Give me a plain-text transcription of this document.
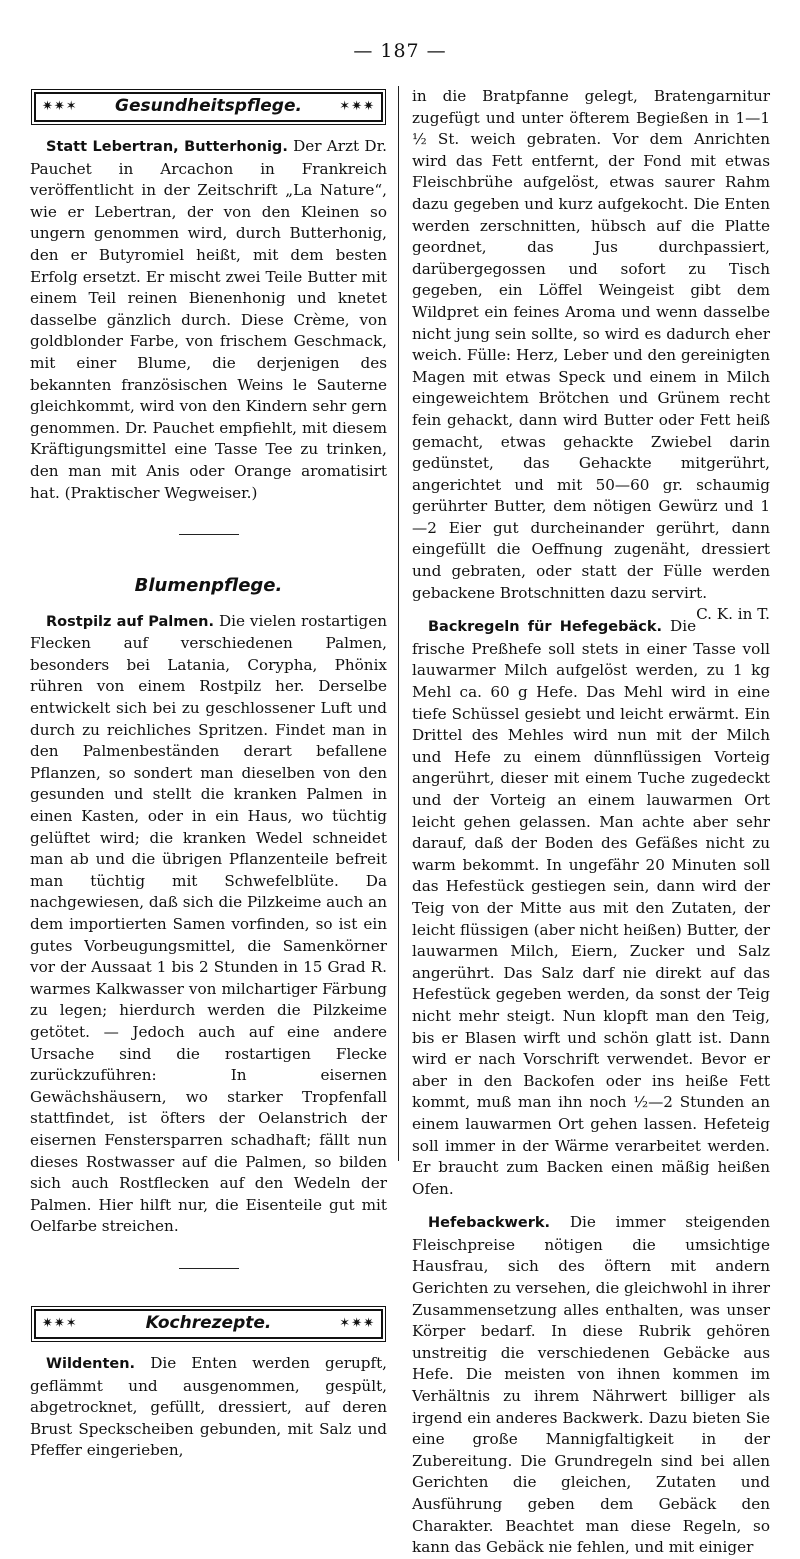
— 187 —
✷✷✶ Gesundheitspflege.	✶✷✷

Statt Lebertran, Butterhonig. Der Arzt Dr. Pauchet in Arcachon in Frankreich veröffentlicht in der Zeitschrift „La Nature“, wie er Lebertran, der von den Kleinen so ungern genommen wird, durch Butterhonig, den er Butyromiel heißt, mit dem besten Erfolg ersetzt. Er mischt zwei Teile Butter mit einem Teil reinen Bienenhonig und knetet dasselbe gänzlich durch. Diese Crème, von goldblonder Farbe, von frischem Geschmack, mit einer Blume, die derjenigen des bekannten französischen Weins le Sauterne gleichkommt, wird von den Kindern sehr gern genommen. Dr. Pauchet empfiehlt, mit diesem Kräftigungsmittel eine Tasse Tee zu trinken, den man mit Anis oder Orange aromatisirt hat. (Praktischer Wegweiser.)

Blumenpflege.

Rostpilz auf Palmen. Die vielen rostartigen Flecken auf verschiedenen Palmen, besonders bei Latania, Corypha, Phönix rühren von einem Rostpilz her. Derselbe entwickelt sich bei zu geschlossener Luft und durch zu reichliches Spritzen. Findet man in den Palmenbeständen derart befallene Pflanzen, so sondert man dieselben von den gesunden und stellt die kranken Palmen in einen Kasten, oder in ein Haus, wo tüchtig gelüftet wird; die kranken Wedel schneidet man ab und die übrigen Pflanzenteile befreit man tüchtig mit Schwefelblüte. Da nachgewiesen, daß sich die Pilzkeime auch an dem importierten Samen vorfinden, so ist ein gutes Vorbeugungsmittel, die Samenkörner vor der Aussaat 1 bis 2 Stunden in 15 Grad R. warmes Kalkwasser von milchartiger Färbung zu legen; hierdurch werden die Pilzkeime getötet. — Jedoch auch auf eine andere Ursache sind die rostartigen Flecke zurückzuführen: In eisernen Gewächshäusern, wo starker Tropfenfall stattfindet, ist öfters der Oelanstrich der eisernen Fenstersparren schadhaft; fällt nun dieses Rostwasser auf die Palmen, so bilden sich auch Rostflecken auf den Wedeln der Palmen. Hier hilft nur, die Eisenteile gut mit Oelfarbe streichen.

✷✷✶	Kochrezepte.	✶✷✷

Wildenten. Die Enten werden gerupft, geflämmt und ausgenommen, gespült, abgetrocknet, gefüllt, dressiert, auf deren Brust Speckscheiben gebunden, mit Salz und Pfeffer eingerieben,

in die Bratpfanne gelegt, Bratengarnitur zugefügt und unter öfterem Begießen in 1—1 ½ St. weich gebraten. Vor dem Anrichten wird das Fett entfernt, der Fond mit etwas Fleischbrühe aufgelöst, etwas saurer Rahm dazu gegeben und kurz aufgekocht. Die Enten werden zerschnitten, hübsch auf die Platte geordnet, das Jus durchpassiert, darübergegossen und sofort zu Tisch gegeben, ein Löffel Weingeist gibt dem Wildpret ein feines Aroma und wenn dasselbe nicht jung sein sollte, so wird es dadurch eher weich. Fülle: Herz, Leber und den gereinigten Magen mit etwas Speck und einem in Milch eingeweichtem Brötchen und Grünem recht fein gehackt, dann wird Butter oder Fett heiß gemacht, etwas gehackte Zwiebel darin gedünstet, das Gehackte mitgerührt, angerichtet und mit 50—60 gr. schaumig gerührter Butter, dem nötigen Gewürz und 1—2 Eier gut durcheinander gerührt, dann eingefüllt die Oeffnung zugenäht, dressiert und gebraten, oder statt der Fülle werden gebackene Brotschnitten dazu servirt.
C. K. in T.

Backregeln für Hefegebäck. Die frische Preßhefe soll stets in einer Tasse voll lauwarmer Milch aufgelöst werden, zu 1 kg Mehl ca. 60 g Hefe. Das Mehl wird in eine tiefe Schüssel gesiebt und leicht erwärmt. Ein Drittel des Mehles wird nun mit der Milch und Hefe zu einem dünnflüssigen Vorteig angerührt, dieser mit einem Tuche zugedeckt und der Vorteig an einem lauwarmen Ort leicht gehen gelassen. Man achte aber sehr darauf, daß der Boden des Gefäßes nicht zu warm bekommt. In ungefähr 20 Minuten soll das Hefestück gestiegen sein, dann wird der Teig von der Mitte aus mit den Zutaten, der leicht flüssigen (aber nicht heißen) Butter, der lauwarmen Milch, Eiern, Zucker und Salz angerührt. Das Salz darf nie direkt auf das Hefestück gegeben werden, da sonst der Teig nicht mehr steigt. Nun klopft man den Teig, bis er Blasen wirft und schön glatt ist. Dann wird er nach Vorschrift verwendet. Bevor er aber in den Backofen oder ins heiße Fett kommt, muß man ihn noch ½—2 Stunden an einem lauwarmen Ort gehen lassen. Hefeteig soll immer in der Wärme verarbeitet werden. Er braucht zum Backen einen mäßig heißen Ofen.

Hefebackwerk. Die immer steigenden Fleischpreise nötigen die umsichtige Hausfrau, sich des öftern mit andern Gerichten zu versehen, die gleichwohl in ihrer Zusammensetzung alles enthalten, was unser Körper bedarf. In diese Rubrik gehören unstreitig die verschiedenen Gebäcke aus Hefe. Die meisten von ihnen kommen im Verhältnis zu ihrem Nährwert billiger als irgend ein anderes Backwerk. Dazu bieten Sie eine große Mannigfaltigkeit in der Zubereitung. Die Grundregeln sind bei allen Gerichten die gleichen, Zutaten und Ausführung geben dem Gebäck den Charakter. Beachtet man diese Regeln, so kann das Gebäck nie fehlen, und mit einiger
